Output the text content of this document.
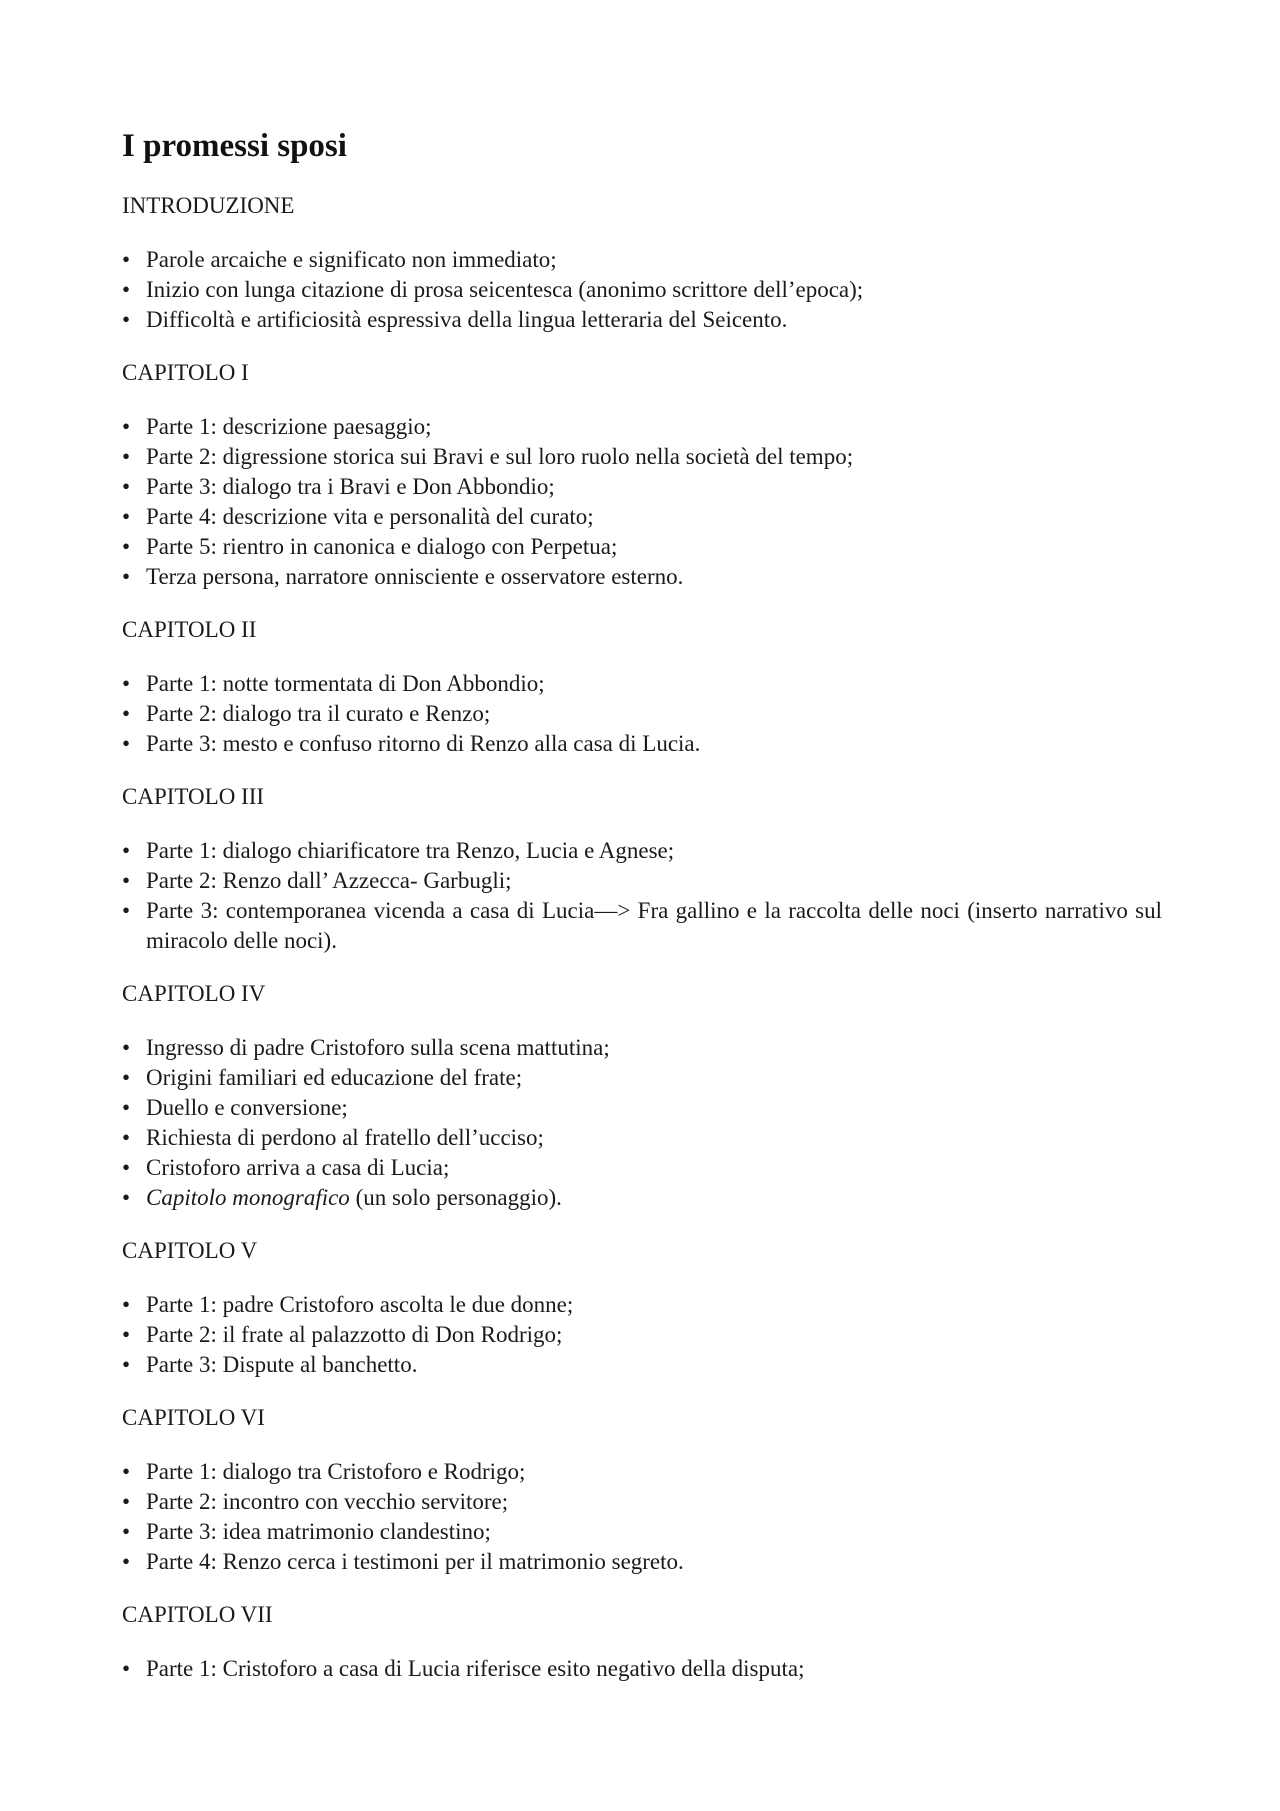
I promessi sposi
INTRODUZIONE
• Parole arcaiche e significato non immediato;
• Inizio con lunga citazione di prosa seicentesca (anonimo scrittore dell’epoca);
• Difficoltà e artificiosità espressiva della lingua letteraria del Seicento.
CAPITOLO I
• Parte 1: descrizione paesaggio;
• Parte 2: digressione storica sui Bravi e sul loro ruolo nella società del tempo;
• Parte 3: dialogo tra i Bravi e Don Abbondio;
• Parte 4: descrizione vita e personalità del curato;
• Parte 5: rientro in canonica e dialogo con Perpetua;
• Terza persona, narratore onnisciente e osservatore esterno.
CAPITOLO II
• Parte 1: notte tormentata di Don Abbondio;
• Parte 2: dialogo tra il curato e Renzo;
• Parte 3: mesto e confuso ritorno di Renzo alla casa di Lucia.
CAPITOLO III
• Parte 1: dialogo chiarificatore tra Renzo, Lucia e Agnese;
• Parte 2: Renzo dall’ Azzecca- Garbugli;
• Parte 3: contemporanea vicenda a casa di Lucia—> Fra gallino e la raccolta delle noci (inserto narrativo sul miracolo delle noci).
CAPITOLO IV
• Ingresso di padre Cristoforo sulla scena mattutina;
• Origini familiari ed educazione del frate;
• Duello e conversione;
• Richiesta di perdono al fratello dell’ucciso;
• Cristoforo arriva a casa di Lucia;
• Capitolo monografico (un solo personaggio).
CAPITOLO V
• Parte 1: padre Cristoforo ascolta le due donne;
• Parte 2: il frate al palazzotto di Don Rodrigo;
• Parte 3: Dispute al banchetto.
CAPITOLO VI
• Parte 1: dialogo tra Cristoforo e Rodrigo;
• Parte 2: incontro con vecchio servitore;
• Parte 3: idea matrimonio clandestino;
• Parte 4: Renzo cerca i testimoni per il matrimonio segreto.
CAPITOLO VII
• Parte 1: Cristoforo a casa di Lucia riferisce esito negativo della disputa;
